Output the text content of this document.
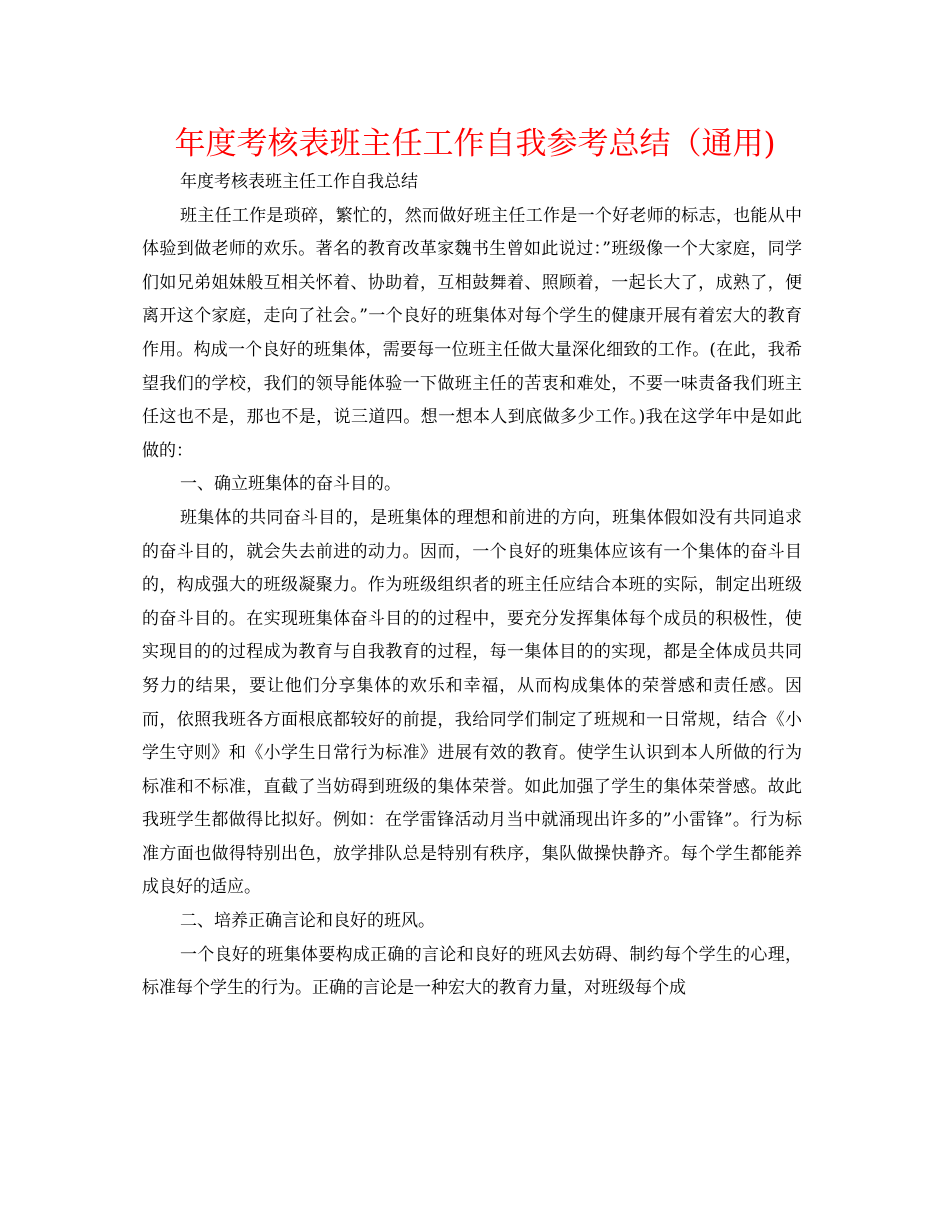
年度考核表班主任工作自我参考总结（通用)

年度考核表班主任工作自我总结

班主任工作是琐碎，繁忙的，然而做好班主任工作是一个好老师的标志，也能从中体验到做老师的欢乐。著名的教育改革家魏书生曾如此说过：”班级像一个大家庭，同学们如兄弟姐妹般互相关怀着、协助着，互相鼓舞着、照顾着，一起长大了，成熟了，便离开这个家庭，走向了社会。”一个良好的班集体对每个学生的健康开展有着宏大的教育作用。构成一个良好的班集体，需要每一位班主任做大量深化细致的工作。(在此，我希望我们的学校，我们的领导能体验一下做班主任的苦衷和难处，不要一味责备我们班主任这也不是，那也不是，说三道四。想一想本人到底做多少工作。)我在这学年中是如此做的：

一、确立班集体的奋斗目的。

班集体的共同奋斗目的，是班集体的理想和前进的方向，班集体假如没有共同追求的奋斗目的，就会失去前进的动力。因而，一个良好的班集体应该有一个集体的奋斗目的，构成强大的班级凝聚力。作为班级组织者的班主任应结合本班的实际，制定出班级的奋斗目的。在实现班集体奋斗目的的过程中，要充分发挥集体每个成员的积极性，使实现目的的过程成为教育与自我教育的过程，每一集体目的的实现，都是全体成员共同努力的结果，要让他们分享集体的欢乐和幸福，从而构成集体的荣誉感和责任感。因而，依照我班各方面根底都较好的前提，我给同学们制定了班规和一日常规，结合《小学生守则》和《小学生日常行为标准》进展有效的教育。使学生认识到本人所做的行为标准和不标准，直截了当妨碍到班级的集体荣誉。如此加强了学生的集体荣誉感。故此我班学生都做得比拟好。例如：在学雷锋活动月当中就涌现出许多的”小雷锋”。行为标准方面也做得特别出色，放学排队总是特别有秩序，集队做操快静齐。每个学生都能养成良好的适应。

二、培养正确言论和良好的班风。

一个良好的班集体要构成正确的言论和良好的班风去妨碍、制约每个学生的心理，标准每个学生的行为。正确的言论是一种宏大的教育力量，对班级每个成
